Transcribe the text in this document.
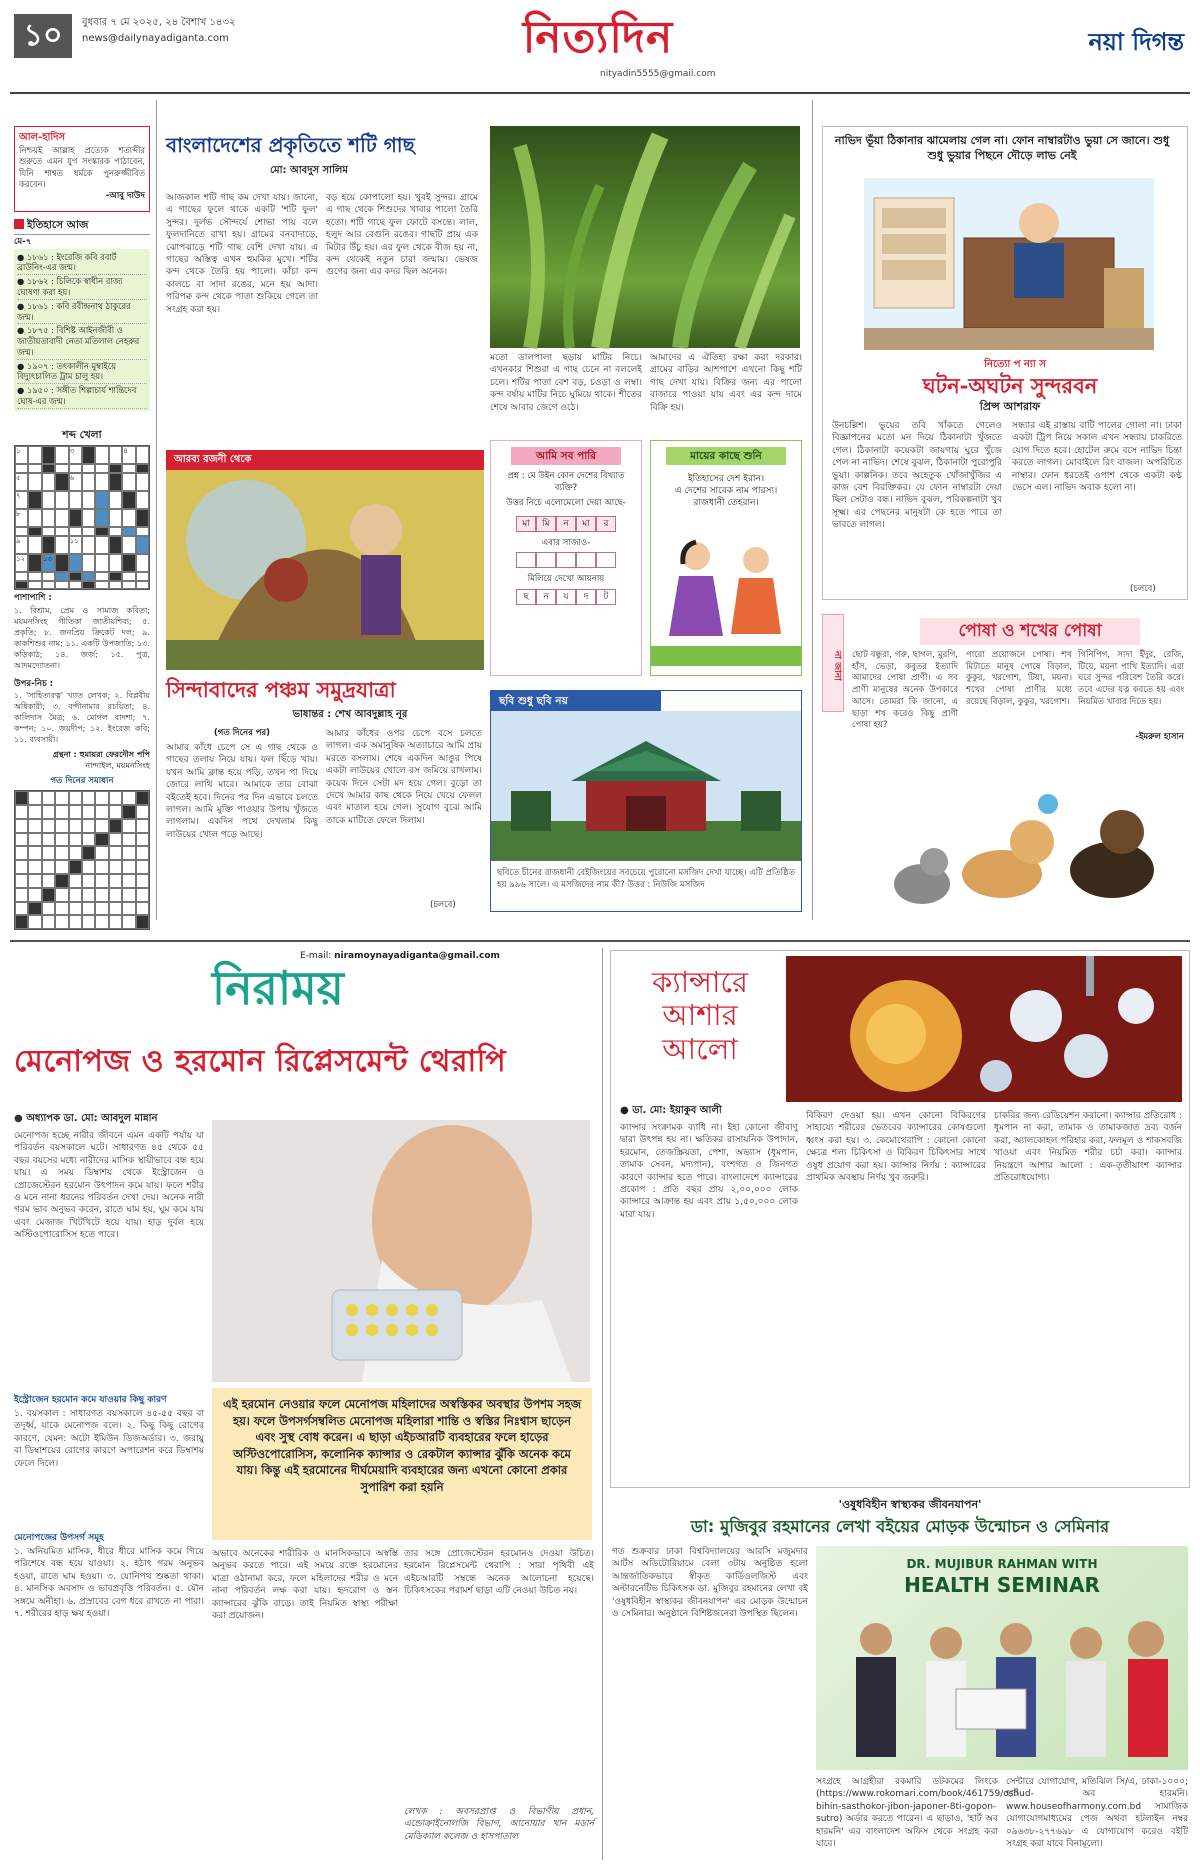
১০	বুধবার ৭ মে ২০২৫, ২৪ বৈশাখ ১৪৩২
news@dailynayadiganta.com	নিত্যদিন
nityadin5555@gmail.com
নয়া দিগন্ত
আল-হাদিস
নিশ্চয়ই আল্লাহ প্রত্যেক শতাব্দীর শুরুতে এমন যুগ সংস্কারক পাঠাবেন, যিনি শাশ্বত ধর্মকে পুনরুজ্জীবিত করবেন।
-আবু দাউদ
ইতিহাসে আজ
মে-৭
● ১৮৬১ : ইংরেজি কবি রবার্ট ব্রাউনিং-এর জন্ম।
● ১৮৬২ : চিলিকে স্বাধীন রাজ্য ঘোষণা করা হয়।
● ১৮৬১ : কবি রবীন্দ্রনাথ ঠাকুরের জন্ম।
● ১৮৭৫ : বিশিষ্ট আইনজীবী ও জাতীয়তাবাদী নেতা মতিলাল নেহরুর জন্ম।
● ১৯০৭ : তৎকালীন মুম্বাইয়ে বিদ্যুৎচালিত ট্রাম চালু হয়।
● ১৯৫০ : সঙ্গীত শিল্পাচার্য শান্তিদেব ঘোষ-এর জন্ম।
শব্দ খেলা
১	২	৩	৪
৫	৬
৭
৮
৯	১০	১১
১২	১৩
পাশাপাশি :
১. বিশ্রাম, প্রেম ও সামাজ কবিতা; ময়মনসিংহ গীতিকা জাতীয়শিব্য; ৫. প্রকৃতি; ৮. জনপ্রিয় ক্রিকেট দল; ৯. কাকশিশুর নাম; ১১. একটি উপজাতি; ১৩. কড়িকাঠ; ১৪. জর্জ; ১৫. পুত্র, আদমদ্যোতনা।
উপর-নিচ :
১. 'সাহিত্যরত্ন' খ্যাত লেখক; ২. বিপ্লবীয় অধিকারী; ৩. বন্দীনামার রচয়িতা; ৪. কালিদাস মৈত্র; ৬. মোগল বাদশা; ৭. কম্পন; ১০. জয়দীপ; ১২. ইংরেজ কবি; ১১. ব্যবসায়ী।
গ্রন্থনা : হুমায়রা ফেরদৌস পপি
নান্দাইল, ময়মনসিংহ
গত দিনের সমাধান
বাংলাদেশের প্রকৃতিতে শটি গাছ
মো: আবদুস সালিম
আজকাল শটি গাছ কম দেখা যায়। জানো, এ গাছের ফুলে থাকে একটি 'শটি ফুল' সুন্দর। দুর্লভ সৌন্দর্যে শোভা পায় বলে ফুলদানিতে রাখা হয়। গ্রামের বনবাদাড়ে, ঝোপঝাড়ে শটি গাছ বেশি দেখা যায়। এ গাছের অস্তিত্ব এখন হুমকির মুখে। শটির কন্দ থেকে তৈরি হয় পালো। কাঁচা কন্দ কালচে বা সাদা রঙের, মনে হয় আদা। পরিপক্ব কন্দ থেকে পাতা শুকিয়ে গেলে তা সংগ্রহ করা হয়।
বড় হয়ে কোপালো হয়। খুবই সুন্দর। গ্রামে এ গাছ থেকে শিশুদের খাবার পালো তৈরি হতো। শটি গাছে ফুল ফোটে বসন্তে। লাল, হলুদ আর বেগুনি রঙের। গাছটি প্রায় এক মিটার উঁচু হয়। এর ফুল থেকে বীজ হয় না, কন্দ থেকেই নতুন চারা জন্মায়। ভেষজ গুণের জন্য এর কদর ছিল অনেক।
মতো ডালপালা ছড়ায় মাটির নিচে। এখনকার শিশুরা এ গাছ চেনে না বললেই চলে। শটির পাতা বেশ বড়, চওড়া ও লম্বা। কন্দ বর্ষায় মাটির নিচে ঘুমিয়ে থাকে। শীতের শেষে আবার জেগে ওঠে।
আমাদের এ ঐতিহ্য রক্ষা করা দরকার। গ্রামের বাড়ির আশপাশে এখনো কিছু শটি গাছ দেখা যায়। বিক্রির জন্য এর পালো বাজারে পাওয়া যায় এবং এর কন্দ দামে বিক্রি হয়।
নাভিদ ভূঁয়া ঠিকানার ঝামেলায় গেল না। ফোন নাম্বারটাও ভুয়া সে জানে। শুধু শুধু ভুয়ার পিছনে দৌড়ে লাভ নেই
নিত্যো প ন্যা স
ঘটন-অঘটন সুন্দরবন
প্রিন্স আশরাফ
উনচল্লিশ। ভুয়ের তবি খাঁকতে গেলেও বিজ্ঞাপনের মতো মন দিয়ে ঠিকানাটা খুঁজতে গেল। ঠিকানাটা কয়েকটা জায়গায় ঘুরে খুঁজে পেল না নাভিদ। শেষে বুঝল, ঠিকানাটা পুরোপুরি ভুয়া। কাল্পনিক। তবে অহেতুক খোঁজাখুঁজির এ কাজ বেশ বিরক্তিকর। যে ফোন নাম্বারটা দেয়া ছিল সেটাও বন্ধ। নাভিদ বুঝল, পরিকল্পনাটা খুব সূক্ষ্ম। এর পেছনের মানুষটা কে হতে পারে তা ভাবতে লাগল।
সন্ধ্যার এই রাস্তায় বাটি পালের গোলা না। ঢাকা একটা ট্রিপ নিয়ে সকাল এখন সন্ধ্যায় চাকরিতে যোগ দিতে হবে। হোটেল রুমে বসে নাভিদ চিন্তা করতে লাগল। মোবাইলে রিং বাজল। অপরিচিত নাম্বার। ফোন ধরতেই ওপাশ থেকে একটা কণ্ঠ ভেসে এল। নাভিদ অবাক হলো না।
(চলবে)
আরব্য রজনী থেকে
সিন্দাবাদের পঞ্চম সমুদ্রযাত্রা
ভাষান্তর : শেখ আবদুল্লাহ নূর
(গত দিনের পর)
আমার কাঁধে চেপে সে এ গাছ থেকে ও গাছের তলায় নিয়ে যায়। ফল ছিঁড়ে খায়। যখন আমি ক্লান্ত হয়ে পড়ি, তখন পা দিয়ে জোরে লাথি মারে। আমাকে তার বোঝা বইতেই হবে। দিনের পর দিন এভাবে চলতে লাগল। আমি মুক্তি পাওয়ার উপায় খুঁজতে লাগলাম। একদিন পথে দেখলাম কিছু লাউয়ের খোল পড়ে আছে।
আমার কাঁধের ওপর চেপে বসে চলতে লাগল। এক অমানুষিক অত্যাচারে আমি প্রায় মরতে বসলাম। শেষে একদিন আঙুর পিষে একটা লাউয়ের খোলে রস জমিয়ে রাখলাম। কয়েক দিনে সেটা মদ হয়ে গেল। বুড়ো তা দেখে আমার কাছ থেকে নিয়ে খেয়ে ফেলল এবং মাতাল হয়ে গেল। সুযোগ বুঝে আমি তাকে মাটিতে ফেলে দিলাম।
(চলবে)
আমি সব পারি
প্রশ্ন : মে উইন কোন দেশের বিখ্যাত ব্যক্তি?
উত্তর নিচে এলোমেলো দেয়া আছে-
মা	মি	ন	মা	র
এবার সাজাও-
মিলিয়ে দেখো আয়নায়
ছ	ন	য	দ	ট
মায়ের কাছে শুনি
ইতিহাসের দেশ ইরান।
এ দেশের সাবেক নাম পারস্য।
রাজধানী তেহরান।
ছবি শুধু ছবি নয়
ছবিতে চীনের রাজধানী বেইজিংয়ের সবচেয়ে পুরোনো মসজিদ দেখা যাচ্ছে। এটি প্রতিষ্ঠিত হয় ৯৯৬ সালে। এ মসজিদের নাম কী? উত্তর : নিউজি মসজিদ
না জানা
পোষা ও শখের পোষা
ছোট বন্ধুরা, গরু, ছাগল, মুরগি, হাঁস, ভেড়া, কবুতর ইত্যাদি আমাদের পোষা প্রাণী। এ সব প্রাণী মানুষের অনেক উপকারে আসে। তোমরা কি জানো, এ ছাড়া শখ করেও কিছু প্রাণী পোষা হয়?
পারো প্রয়োজনে পোষা। শখ মিটাতে মানুষ পোষে বিড়াল, কুকুর, খরগোশ, টিয়া, ময়না। শখের পোষা প্রাণীর মধ্যে রয়েছে বিড়াল, কুকুর, খরগোশ।
গিনিপিগ, সাদা ইঁদুর, রেজি, টিয়ে, ময়না পাখি ইত্যাদি। এরা ঘরে সুন্দর পরিবেশ তৈরি করে। তবে এদের যত্ন করতে হয় এবং নিয়মিত খাবার দিতে হয়।
-ইমরুল হাসান
E-mail: niramoynayadiganta@gmail.com
নিরাময়
মেনোপজ ও হরমোন রিপ্লেসমেন্ট থেরাপি
● অধ্যাপক ডা. মো: আবদুল মান্নান
মেনোপজ হচ্ছে নারীর জীবনে এমন একটি পর্যায় যা পরিবর্তন বয়সকালে ঘটে। সাধারণত ৪৫ থেকে ৫৫ বছর বয়সের মধ্যে নারীদের মাসিক স্থায়ীভাবে বন্ধ হয়ে যায়। এ সময় ডিম্বাশয় থেকে ইস্ট্রোজেন ও প্রোজেস্টেরন হরমোন উৎপাদন কমে যায়। ফলে শরীর ও মনে নানা ধরনের পরিবর্তন দেখা দেয়। অনেক নারী গরম ভাব অনুভব করেন, রাতে ঘাম হয়, ঘুম কমে যায় এবং মেজাজ খিটখিটে হয়ে যায়। হাড় দুর্বল হয়ে অস্টিওপোরোসিস হতে পারে।
এই হরমোন নেওয়ার ফলে মেনোপজ মহিলাদের অস্বস্তিকর অবস্থার উপশম সহজ হয়। ফলে উপসর্গসম্বলিত মেনোপজ মহিলারা শান্তি ও স্বস্তির নিঃশ্বাস ছাড়েন এবং সুস্থ বোধ করেন। এ ছাড়া এইচআরটি ব্যবহারের ফলে হাড়ের অস্টিওপোরোসিস, কলোনিক ক্যান্সার ও রেকটাল ক্যান্সার ঝুঁকি অনেক কমে যায়। কিন্তু এই হরমোনের দীর্ঘমেয়াদি ব্যবহারের জন্য এখনো কোনো প্রকার সুপারিশ করা হয়নি
ইস্ট্রোজেন হরমোন কমে যাওয়ার কিছু কারণ
১. বয়সকাল : সাধারণত বয়সকালে ৪৫-৫৫ বছর বা তদূর্ধ্ব, যাকে মেনোপজ বলে। ২. কিছু কিছু রোগের কারণে, যেমন: অটো ইমিউন ডিজঅর্ডার। ৩. জরায়ু বা ডিম্বাশয়ের রোগের কারণে অপারেশন করে ডিম্বাশয় ফেলে দিলে।
মেনোপজের উপসর্গ সমূহ
১. অনিয়মিত মাসিক, ধীরে ধীরে মাসিক কমে গিয়ে পরিশেষে বন্ধ হয়ে যাওয়া। ২. হঠাৎ গরম অনুভব হওয়া, রাতে ঘাম হওয়া। ৩. যোনিপথ শুষ্কতা থাকা। ৪. মানসিক অবসাদ ও ভাবপ্রবৃত্তি পরিবর্তন। ৫. যৌন সঙ্গমে অনীহা। ৬. প্রস্রাবের বেগ ধরে রাখতে না পারা। ৭. শরীরের হাড় ক্ষয় হওয়া।
অভাবে অনেকের শারীরিক ও মানসিকভাবে অস্বস্তি অনুভব করতে পারে। এই সময়ে রক্তে হরমোনের মাত্রা ওঠানামা করে, ফলে মহিলাদের শরীর ও মনে নানা পরিবর্তন লক্ষ করা যায়। হৃদরোগ ও স্তন ক্যান্সারের ঝুঁকি বাড়ে। তাই নিয়মিত স্বাস্থ্য পরীক্ষা করা প্রয়োজন।
তার সঙ্গে প্রোজেস্টেরন হরমোনও দেওয়া উচিত। হরমোন রিপ্লেসমেন্ট থেরাপি : সারা পৃথিবী এই এইচআরটি সম্বন্ধে অনেক আলোচনা হয়েছে। চিকিৎসকের পরামর্শ ছাড়া এটি নেওয়া উচিত নয়।
লেখক : অবসরপ্রাপ্ত ও বিভাগীয় প্রধান, এন্ডোক্রাইনোলজি বিভাগ, আনোয়ার খান মডার্ন মেডিক্যাল কলেজ ও হাসপাতাল
ক্যান্সারে
আশার
আলো
● ডা. মো: ইয়াকুব আলী
ক্যান্সার সংক্রামক ব্যাধি না। ইহা কোনো জীবাণু দ্বারা উৎপন্ন হয় না। ক্ষতিকর রাসায়নিক উপাদান, হরমোন, তেজস্ক্রিয়তা, পেশা, অভ্যাস (ধূমপান, তামাক সেবন, মদ্যপান), বংশগত ও জিনগত কারণে ক্যান্সার হতে পারে। বাংলাদেশে ক্যান্সারের প্রকোপ : প্রতি বছর প্রায় ২,০০,০০০ লোক ক্যান্সারে আক্রান্ত হয় এবং প্রায় ১,৫০,০০০ লোক মারা যায়।
বিকিরণ দেওয়া হয়। এখন কোনো বিকিরণের সাহায্যে শরীরের ভেতরের ক্যান্সারের কোষগুলো ধ্বংস করা হয়। ৩. কেমোথেরাপি : কোনো কোনো ক্ষেত্রে শল্য চিকিৎসা ও বিকিরণ চিকিৎসার সাথে ওষুধ প্রয়োগ করা হয়। ক্যান্সার নির্ণয় : ক্যান্সারের প্রাথমিক অবস্থায় নির্ণয় খুব জরুরি।
চাকরির জন্য রেডিয়েশন করানো। ক্যান্সার প্রতিরোধ : ধূমপান না করা, তামাক ও তামাকজাত দ্রব্য বর্জন করা, অ্যালকোহল পরিহার করা, ফলমূল ও শাকসবজি খাওয়া এবং নিয়মিত শরীর চর্চা করা। ক্যান্সার নিয়ন্ত্রণে আশার আলো : এক-তৃতীয়াংশ ক্যান্সার প্রতিরোধযোগ্য।
'ওষুধবিহীন স্বাস্থ্যকর জীবনযাপন'
ডা: মুজিবুর রহমানের লেখা বইয়ের মোড়ক উন্মোচন ও সেমিনার
গত শুক্রবার ঢাকা বিশ্ববিদ্যালয়ের আরসি মজুমদার আর্টস অডিটোরিয়ামে বেলা ৩টায় অনুষ্ঠিত হলো আন্তর্জাতিকভাবে স্বীকৃত কার্ডিওলজিস্ট এবং অল্টারনেটিভ চিকিৎসক ডা. মুজিবুর রহমানের লেখা বই 'ওষুধবিহীন স্বাস্থ্যকর জীবনযাপন' এর মোড়ক উন্মোচন ও সেমিনার। অনুষ্ঠানে বিশিষ্টজনেরা উপস্থিত ছিলেন।
DR. MUJIBUR RAHMAN WITH
HEALTH SEMINAR
সংগ্রহে আগ্রহীরা রকমারি ডটকমের লিংকে (https://www.rokomari.com/book/461759/oshud-bihin-sasthokor-jibon-japoner-8ti-gopon-sutro) অর্ডার করতে পারেন। এ ছাড়াও, 'হার্ট অব হারমনি' এর বাংলাদেশ অফিস থেকে সংগ্রহ করা যাবে।
সেন্টারে যোগাযোগ, মতিঝিল সি/এ, ঢাকা-১০০০; হার্ট অব হারমনি। www.houseofharmony.com.bd সামাজিক যোগাযোগমাধ্যমের পেজ অথবা হটলাইন নম্বর ০৯৬৩৮-২৭৭৬৯৮ এ যোগাযোগ করেও বইটি সংগ্রহ করা যাবে বিনামূল্যে।
